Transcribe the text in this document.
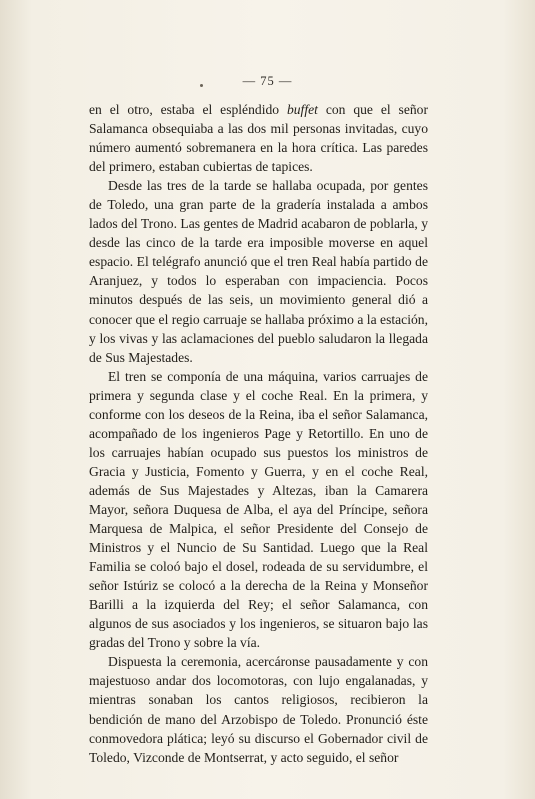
— 75 —

en el otro, estaba el espléndido buffet con que el señor Salamanca obsequiaba a las dos mil personas invitadas, cuyo número aumentó sobremanera en la hora crítica. Las paredes del primero, estaban cubiertas de tapices.

Desde las tres de la tarde se hallaba ocupada, por gentes de Toledo, una gran parte de la gradería instalada a ambos lados del Trono. Las gentes de Madrid acabaron de poblarla, y desde las cinco de la tarde era imposible moverse en aquel espacio. El telégrafo anunció que el tren Real había partido de Aranjuez, y todos lo esperaban con impaciencia. Pocos minutos después de las seis, un movimiento general dió a conocer que el regio carruaje se hallaba próximo a la estación, y los vivas y las aclamaciones del pueblo saludaron la llegada de Sus Majestades.

El tren se componía de una máquina, varios carruajes de primera y segunda clase y el coche Real. En la primera, y conforme con los deseos de la Reina, iba el señor Salamanca, acompañado de los ingenieros Page y Retortillo. En uno de los carruajes habían ocupado sus puestos los ministros de Gracia y Justicia, Fomento y Guerra, y en el coche Real, además de Sus Majestades y Altezas, iban la Camarera Mayor, señora Duquesa de Alba, el aya del Príncipe, señora Marquesa de Malpica, el señor Presidente del Consejo de Ministros y el Nuncio de Su Santidad. Luego que la Real Familia se coloó bajo el dosel, rodeada de su servidumbre, el señor Istúriz se colocó a la derecha de la Reina y Monseñor Barilli a la izquierda del Rey; el señor Salamanca, con algunos de sus asociados y los ingenieros, se situaron bajo las gradas del Trono y sobre la vía.

Dispuesta la ceremonia, acercáronse pausadamente y con majestuoso andar dos locomotoras, con lujo engalanadas, y mientras sonaban los cantos religiosos, recibieron la bendición de mano del Arzobispo de Toledo. Pronunció éste conmovedora plática; leyó su discurso el Gobernador civil de Toledo, Vizconde de Montserrat, y acto seguido, el señor
